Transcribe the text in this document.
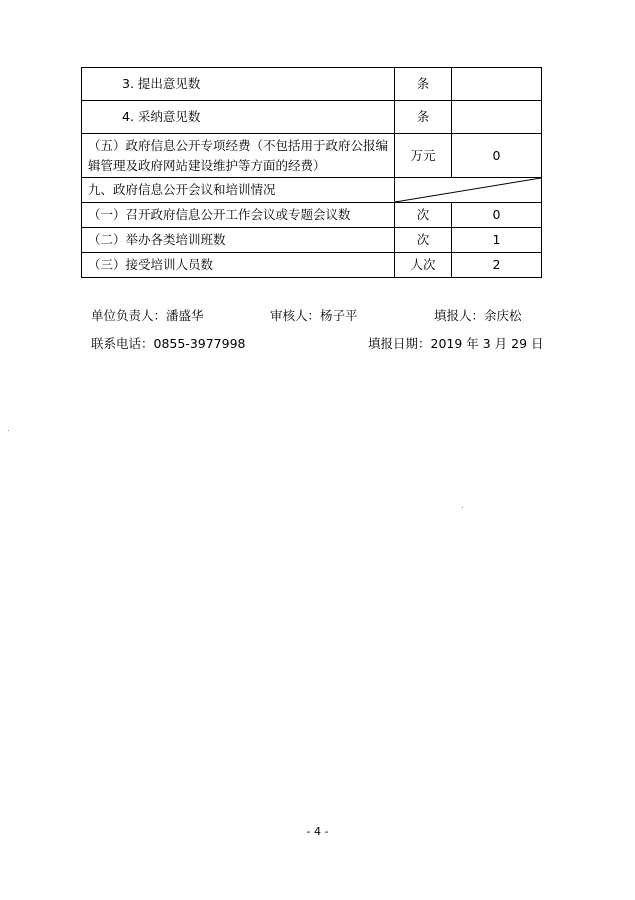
3. 提出意见数	条	
4. 采纳意见数	条	
（五）政府信息公开专项经费（不包括用于政府公报编辑管理及政府网站建设维护等方面的经费）	万元	0
九、政府信息公开会议和培训情况	

（一）召开政府信息公开工作会议或专题会议数	次	0
（二）举办各类培训班数	次	1
（三）接受培训人员数	人次	2
单位负责人：潘盛华	审核人：杨子平	填报人：余庆松
联系电话：0855-3977998	填报日期：2019 年 3 月 29 日
- 4 -
